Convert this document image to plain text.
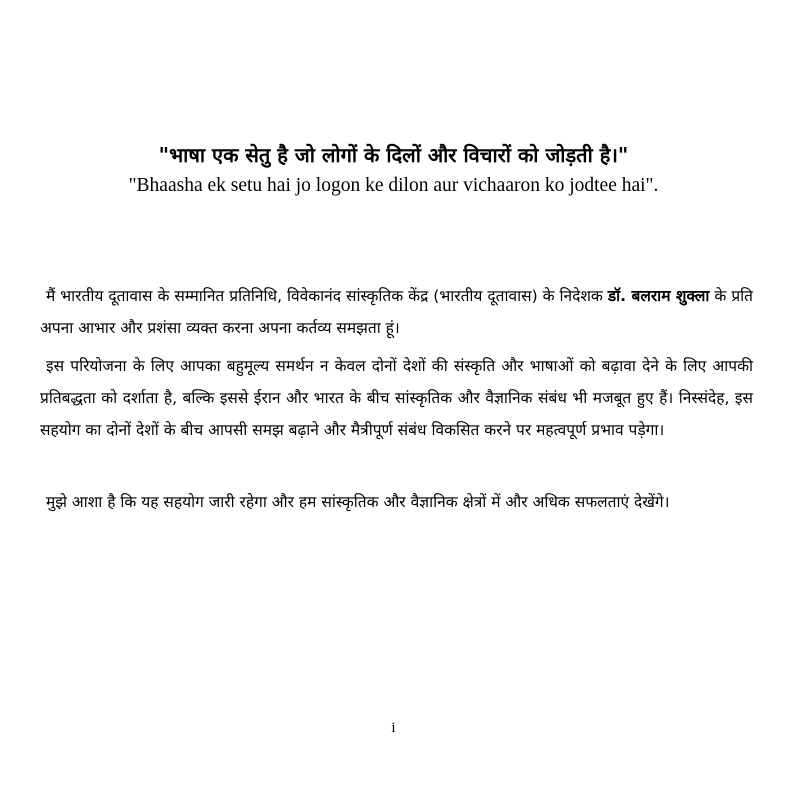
"भाषा एक सेतु है जो लोगों के दिलों और विचारों को जोड़ती है।"
"Bhaasha ek setu hai jo logon ke dilon aur vichaaron ko jodtee hai".
मैं भारतीय दूतावास के सम्मानित प्रतिनिधि, विवेकानंद सांस्कृतिक केंद्र (भारतीय दूतावास) के निदेशक डॉ. बलराम शुक्ला के प्रति अपना आभार और प्रशंसा व्यक्त करना अपना कर्तव्य समझता हूं।
इस परियोजना के लिए आपका बहुमूल्य समर्थन न केवल दोनों देशों की संस्कृति और भाषाओं को बढ़ावा देने के लिए आपकी प्रतिबद्धता को दर्शाता है, बल्कि इससे ईरान और भारत के बीच सांस्कृतिक और वैज्ञानिक संबंध भी मजबूत हुए हैं। निस्संदेह, इस सहयोग का दोनों देशों के बीच आपसी समझ बढ़ाने और मैत्रीपूर्ण संबंध विकसित करने पर महत्वपूर्ण प्रभाव पड़ेगा।
मुझे आशा है कि यह सहयोग जारी रहेगा और हम सांस्कृतिक और वैज्ञानिक क्षेत्रों में और अधिक सफलताएं देखेंगे।
i
